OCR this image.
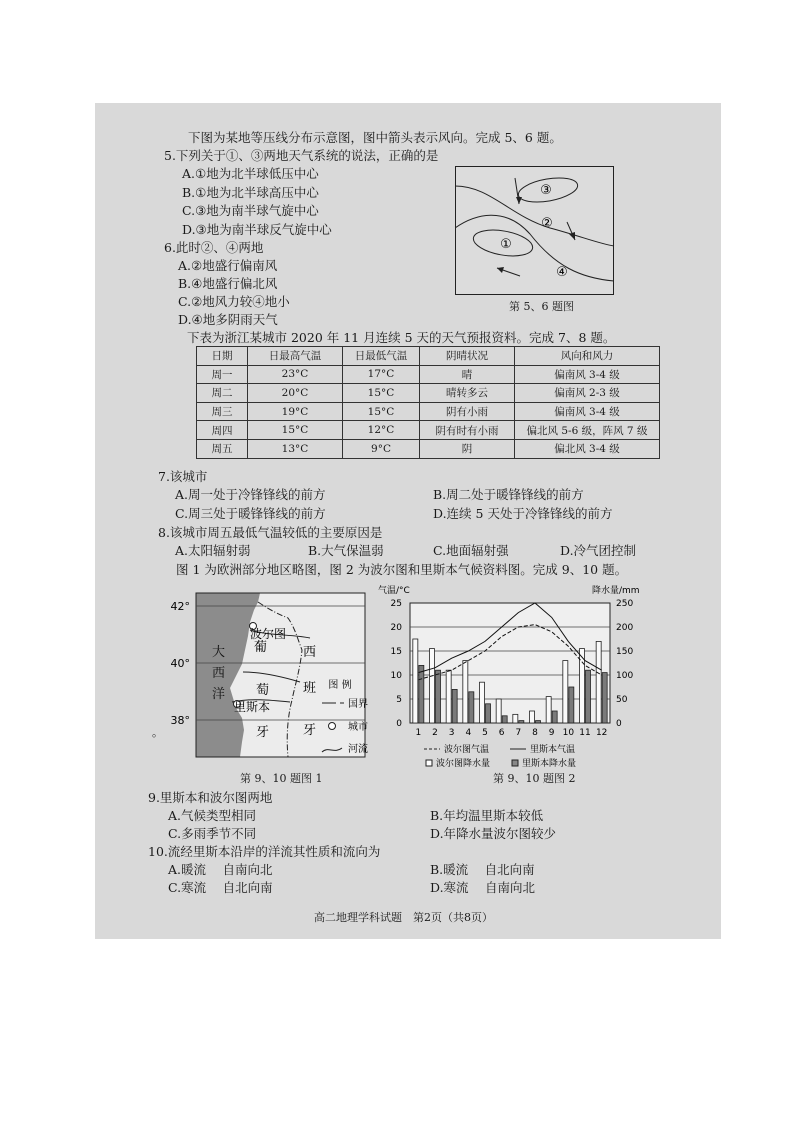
下图为某地等压线分布示意图，图中箭头表示风向。完成 5、6 题。
5.下列关于①、③两地天气系统的说法，正确的是
A.①地为北半球低压中心
B.①地为北半球高压中心
C.③地为南半球气旋中心
D.③地为南半球反气旋中心
6.此时②、④两地
A.②地盛行偏南风
B.④地盛行偏北风
C.②地风力较④地小
D.④地多阴雨天气
③
②
①
④
第 5、6 题图
下表为浙江某城市 2020 年 11 月连续 5 天的天气预报资料。完成 7、8 题。
日期	日最高气温	日最低气温	阴晴状况	风向和风力
周一	23°C	17°C	晴	偏南风 3-4 级
周二	20°C	15°C	晴转多云	偏南风 2-3 级
周三	19°C	15°C	阴有小雨	偏南风 3-4 级
周四	15°C	12°C	阴有时有小雨	偏北风 5-6 级，阵风 7 级
周五	13°C	9°C	阴	偏北风 3-4 级
7.该城市
A.周一处于冷锋锋线的前方	B.周二处于暖锋锋线的前方
C.周三处于暖锋锋线的前方	D.连续 5 天处于冷锋锋线的前方
8.该城市周五最低气温较低的主要原因是
A.太阳辐射弱	B.大气保温弱	C.地面辐射强	D.冷气团控制
图 1 为欧洲部分地区略图，图 2 为波尔图和里斯本气候资料图。完成 9、10 题。
42°
40°
38°
。
大
西
洋
葡
萄
牙
西
班
牙
波尔图
里斯本
图 例
国界
城市
河流
第 9、10 题图 1
气温/°C	降水量/mm
25
20
15
10
5
0
250
200
150
100
50
0
1 2 3 4 5 6 7 8 9 10 11 12
波尔图气温	里斯本气温
波尔图降水量	里斯本降水量
第 9、10 题图 2
9.里斯本和波尔图两地
A.气候类型相同	B.年均温里斯本较低
C.多雨季节不同	D.年降水量波尔图较少
10.流经里斯本沿岸的洋流其性质和流向为
A.暖流　 自南向北	B.暖流　 自北向南
C.寒流　 自北向南	D.寒流　 自南向北
高二地理学科试题　第2页（共8页）
